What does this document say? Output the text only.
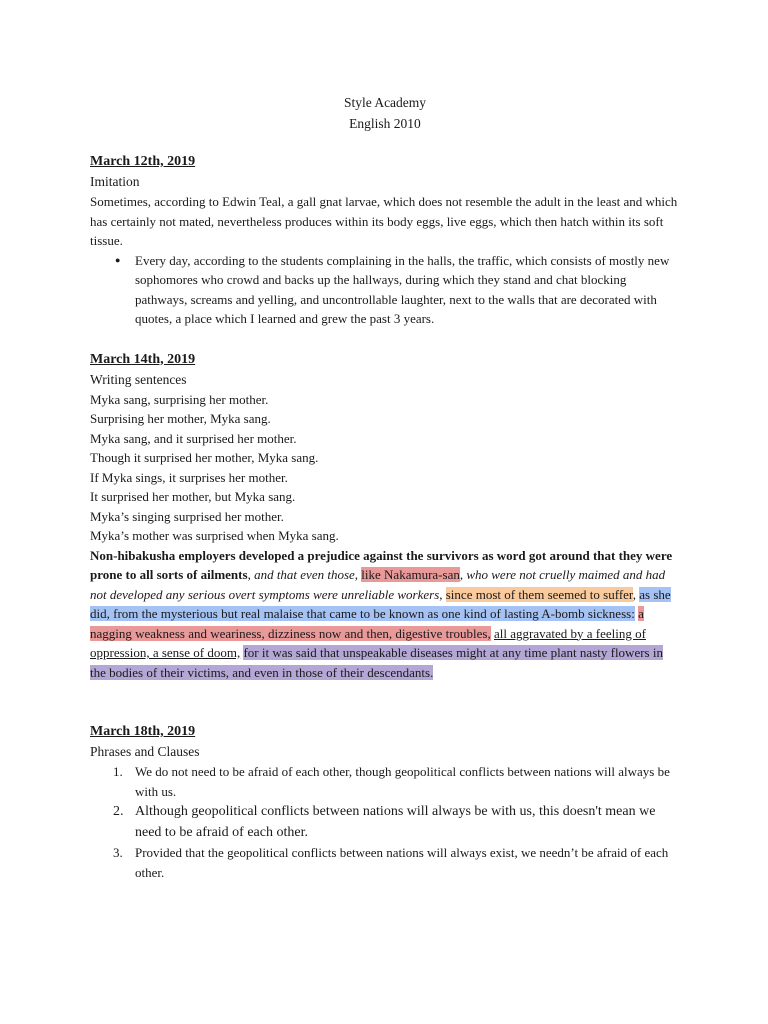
Style Academy
English 2010
March 12th, 2019
Imitation

Sometimes, according to Edwin Teal, a gall gnat larvae, which does not resemble the adult in the least and which has certainly not mated, nevertheless produces within its body eggs, live eggs, which then hatch within its soft tissue.

● Every day, according to the students complaining in the halls, the traffic, which consists of mostly new sophomores who crowd and backs up the hallways, during which they stand and chat blocking pathways, screams and yelling, and uncontrollable laughter, next to the walls that are decorated with quotes, a place which I learned and grew the past 3 years.
March 14th, 2019
Writing sentences

Myka sang, surprising her mother.

Surprising her mother, Myka sang.

Myka sang, and it surprised her mother.

Though it surprised her mother, Myka sang.

If Myka sings, it surprises her mother.

It surprised her mother, but Myka sang.

Myka’s singing surprised her mother.

Myka’s mother was surprised when Myka sang.

Non-hibakusha employers developed a prejudice against the survivors as word got around that they were prone to all sorts of ailments, and that even those, like Nakamura-san, who were not cruelly maimed and had not developed any serious overt symptoms were unreliable workers, since most of them seemed to suffer, as she did, from the mysterious but real malaise that came to be known as one kind of lasting A-bomb sickness: a nagging weakness and weariness, dizziness now and then, digestive troubles, all aggravated by a feeling of oppression, a sense of doom, for it was said that unspeakable diseases might at any time plant nasty flowers in the bodies of their victims, and even in those of their descendants.

March 18th, 2019
Phrases and Clauses
1. We do not need to be afraid of each other, though geopolitical conflicts between nations will always be with us.
2. Although geopolitical conflicts between nations will always be with us, this doesn't mean we need to be afraid of each other.
3. Provided that the geopolitical conflicts between nations will always exist, we needn’t be afraid of each other.
